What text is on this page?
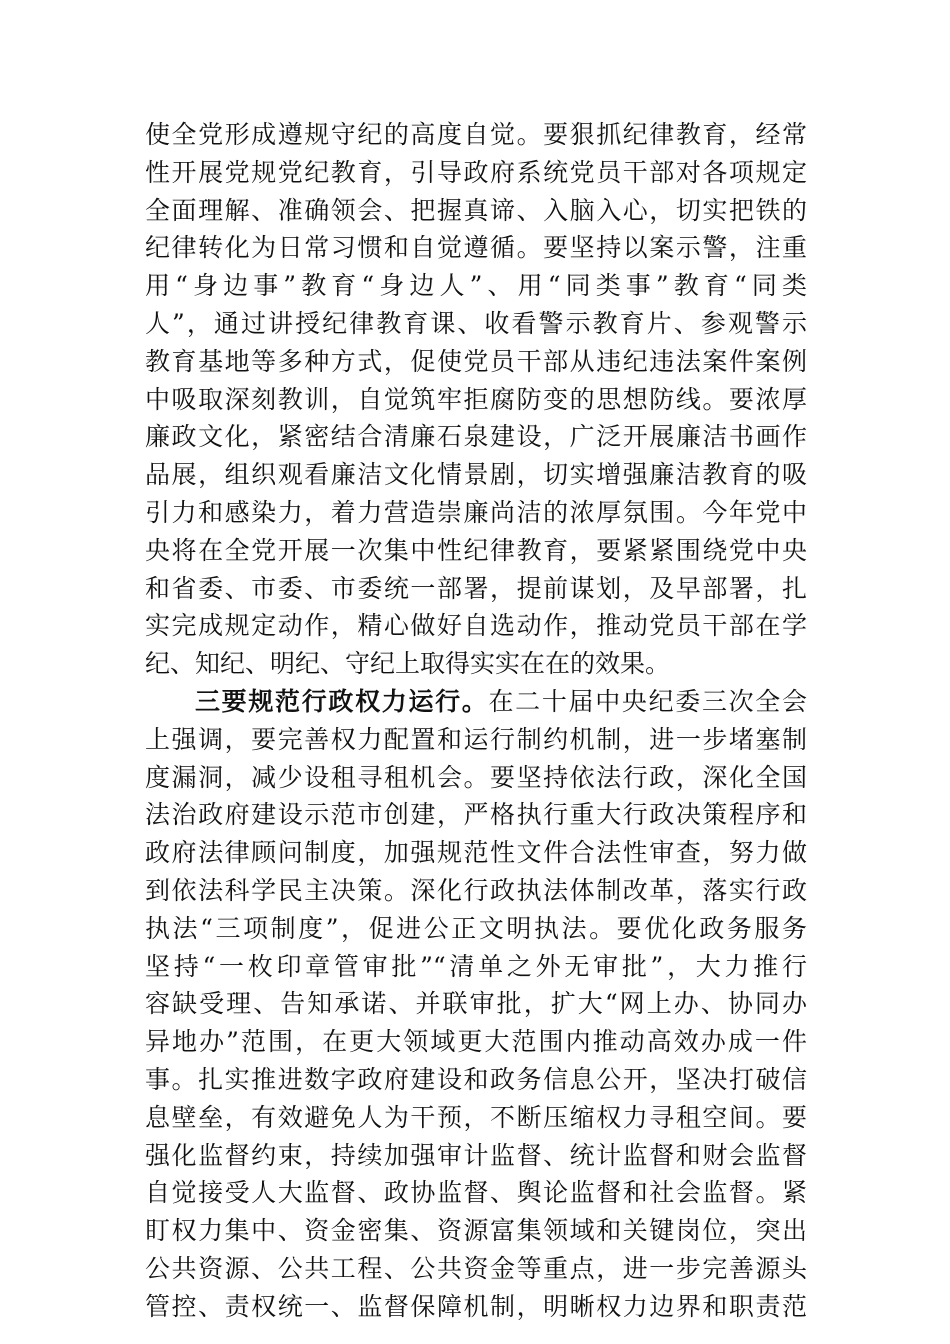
使全党形成遵规守纪的高度自觉。要狠抓纪律教育，经常
性开展党规党纪教育，引导政府系统党员干部对各项规定
全面理解、准确领会、把握真谛、入脑入心，切实把铁的
纪律转化为日常习惯和自觉遵循。要坚持以案示警，注重
用“身边事”教育“身边人”、用“同类事”教育“同类
人”，通过讲授纪律教育课、收看警示教育片、参观警示
教育基地等多种方式，促使党员干部从违纪违法案件案例
中吸取深刻教训，自觉筑牢拒腐防变的思想防线。要浓厚
廉政文化，紧密结合清廉石泉建设，广泛开展廉洁书画作
品展，组织观看廉洁文化情景剧，切实增强廉洁教育的吸
引力和感染力，着力营造崇廉尚洁的浓厚氛围。今年党中
央将在全党开展一次集中性纪律教育，要紧紧围绕党中央
和省委、市委、市委统一部署，提前谋划，及早部署，扎
实完成规定动作，精心做好自选动作，推动党员干部在学
纪、知纪、明纪、守纪上取得实实在在的效果。
三要规范行政权力运行。在二十届中央纪委三次全会
上强调，要完善权力配置和运行制约机制，进一步堵塞制
度漏洞，减少设租寻租机会。要坚持依法行政，深化全国
法治政府建设示范市创建，严格执行重大行政决策程序和
政府法律顾问制度，加强规范性文件合法性审查，努力做
到依法科学民主决策。深化行政执法体制改革，落实行政
执法“三项制度”，促进公正文明执法。要优化政务服务
坚持“一枚印章管审批”“清单之外无审批”，大力推行
容缺受理、告知承诺、并联审批，扩大“网上办、协同办
异地办”范围，在更大领域更大范围内推动高效办成一件
事。扎实推进数字政府建设和政务信息公开，坚决打破信
息壁垒，有效避免人为干预，不断压缩权力寻租空间。要
强化监督约束，持续加强审计监督、统计监督和财会监督
自觉接受人大监督、政协监督、舆论监督和社会监督。紧
盯权力集中、资金密集、资源富集领域和关键岗位，突出
公共资源、公共工程、公共资金等重点，进一步完善源头
管控、责权统一、监督保障机制，明晰权力边界和职责范
